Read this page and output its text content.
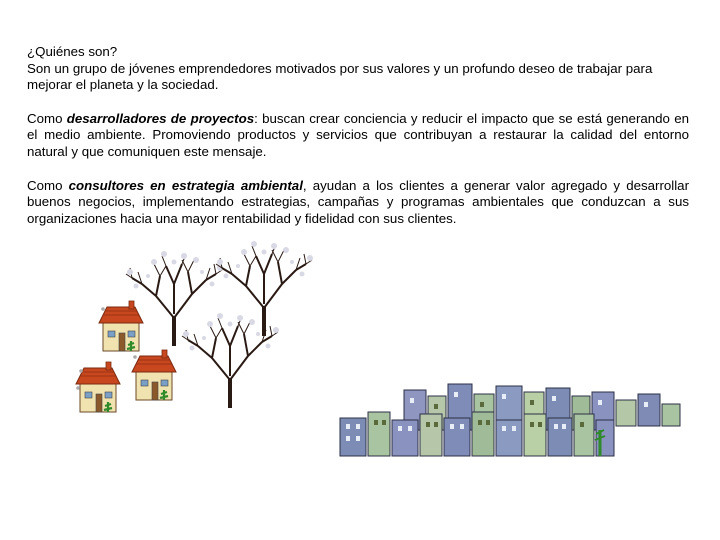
¿Quiénes son?
Son un grupo de jóvenes emprendedores motivados por sus valores y un profundo deseo de trabajar para mejorar el planeta y la sociedad.

Como desarrolladores de proyectos: buscan crear conciencia y reducir el impacto que se está generando en el medio ambiente. Promoviendo productos y servicios que contribuyan a restaurar la calidad del entorno natural y que comuniquen este mensaje.

Como consultores en estrategia ambiental, ayudan a los clientes a generar valor agregado y desarrollar buenos negocios, implementando estrategias, campañas y programas ambientales que conduzcan a sus organizaciones hacia una mayor rentabilidad y fidelidad con sus clientes.
